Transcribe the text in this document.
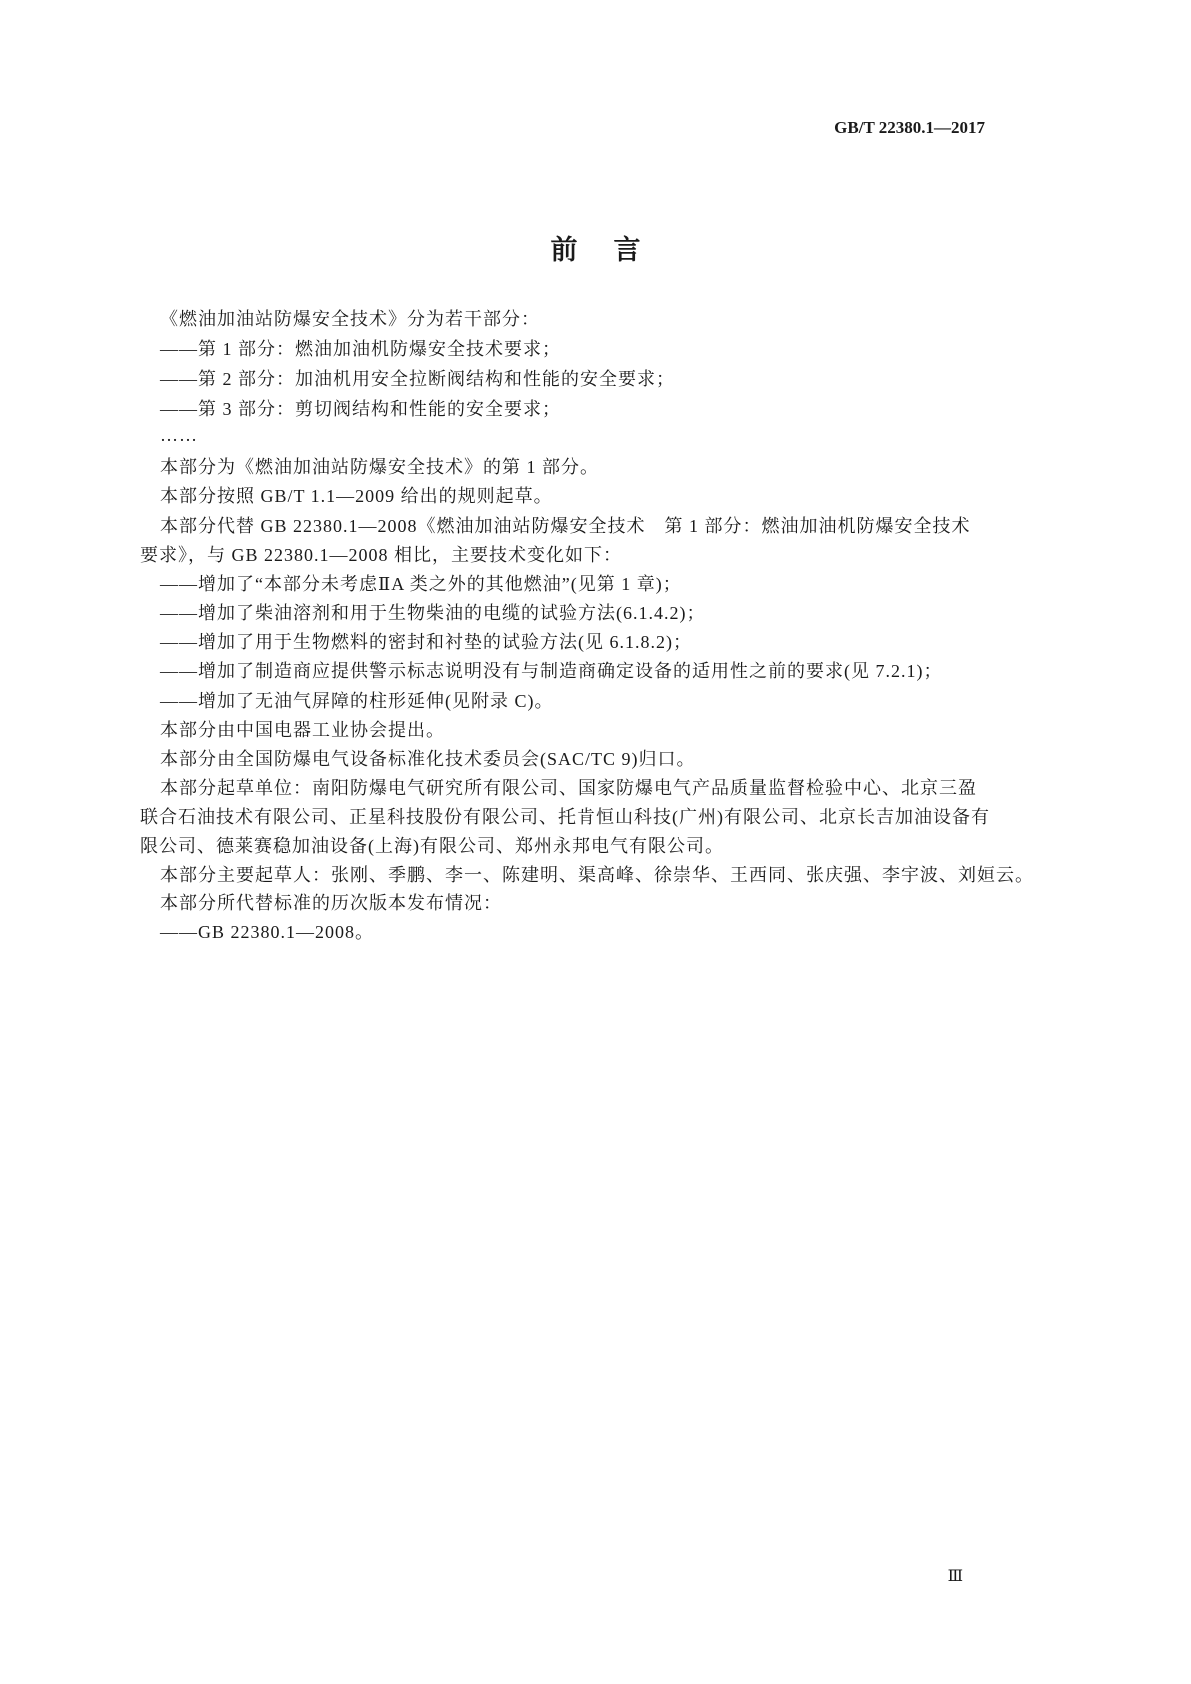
GB/T 22380.1—2017
前言
《燃油加油站防爆安全技术》分为若干部分：
——第 1 部分：燃油加油机防爆安全技术要求；
——第 2 部分：加油机用安全拉断阀结构和性能的安全要求；
——第 3 部分：剪切阀结构和性能的安全要求；
……
本部分为《燃油加油站防爆安全技术》的第 1 部分。
本部分按照 GB/T 1.1—2009 给出的规则起草。
本部分代替 GB 22380.1—2008《燃油加油站防爆安全技术　第 1 部分：燃油加油机防爆安全技术
要求》，与 GB 22380.1—2008 相比，主要技术变化如下：
——增加了“本部分未考虑ⅡA 类之外的其他燃油”(见第 1 章)；
——增加了柴油溶剂和用于生物柴油的电缆的试验方法(6.1.4.2)；
——增加了用于生物燃料的密封和衬垫的试验方法(见 6.1.8.2)；
——增加了制造商应提供警示标志说明没有与制造商确定设备的适用性之前的要求(见 7.2.1)；
——增加了无油气屏障的柱形延伸(见附录 C)。
本部分由中国电器工业协会提出。
本部分由全国防爆电气设备标准化技术委员会(SAC/TC 9)归口。
本部分起草单位：南阳防爆电气研究所有限公司、国家防爆电气产品质量监督检验中心、北京三盈
联合石油技术有限公司、正星科技股份有限公司、托肯恒山科技(广州)有限公司、北京长吉加油设备有
限公司、德莱赛稳加油设备(上海)有限公司、郑州永邦电气有限公司。
本部分主要起草人：张刚、季鹏、李一、陈建明、渠高峰、徐崇华、王西同、张庆强、李宇波、刘姮云。
本部分所代替标准的历次版本发布情况：
——GB 22380.1—2008。
Ⅲ
